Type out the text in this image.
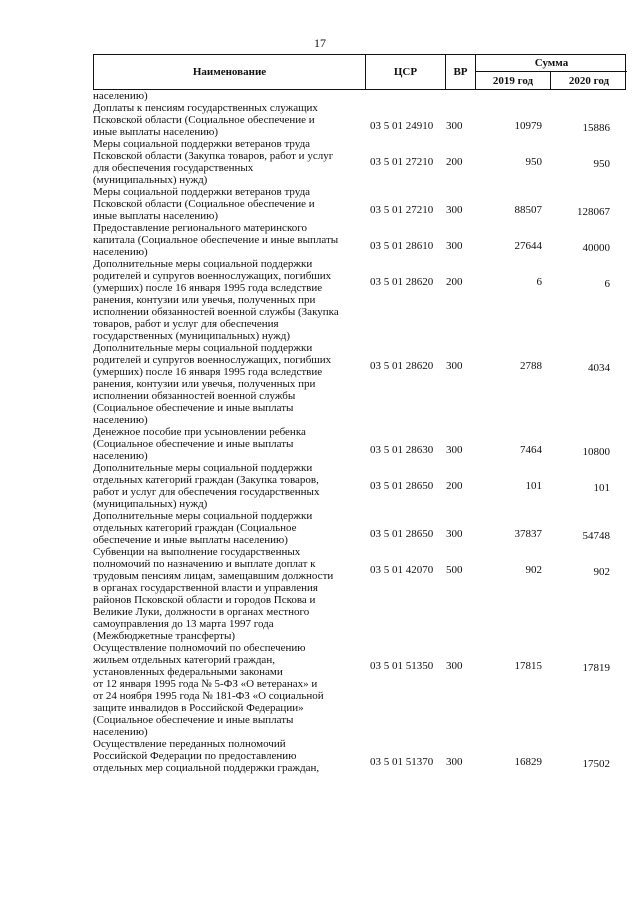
17
Наименование	ЦСР	ВР
Сумма
2019 год	2020 год
населению)
Доплаты к пенсиям государственных служащих
Псковской области (Социальное обеспечение и
иные выплаты населению)	03 5 01 24910 300	10979	15886
Меры социальной поддержки ветеранов труда
Псковской области (Закупка товаров, работ и услуг
для обеспечения государственных
(муниципальных) нужд)
03 5 01 27210 200	950	950
Меры социальной поддержки ветеранов труда
Псковской области (Социальное обеспечение и
иные выплаты населению)	03 5 01 27210 300	88507	128067
Предоставление регионального материнского
капитала (Социальное обеспечение и иные выплаты
населению)	03 5 01 28610 300	27644	40000
Дополнительные меры социальной поддержки
родителей и супругов военнослужащих, погибших
(умерших) после 16 января 1995 года вследствие
ранения, контузии или увечья, полученных при
исполнении обязанностей военной службы (Закупка
товаров, работ и услуг для обеспечения
государственных (муниципальных) нужд)
03 5 01 28620 200	6	6
Дополнительные меры социальной поддержки
родителей и супругов военнослужащих, погибших
(умерших) после 16 января 1995 года вследствие
ранения, контузии или увечья, полученных при
исполнении обязанностей военной службы
(Социальное обеспечение и иные выплаты
населению)
03 5 01 28620 300	2788	4034
Денежное пособие при усыновлении ребенка
(Социальное обеспечение и иные выплаты
населению)	03 5 01 28630 300	7464	10800
Дополнительные меры социальной поддержки
отдельных категорий граждан (Закупка товаров,
работ и услуг для обеспечения государственных
(муниципальных) нужд)
03 5 01 28650 200	101	101
Дополнительные меры социальной поддержки
отдельных категорий граждан (Социальное
обеспечение и иные выплаты населению)	03 5 01 28650 300	37837	54748
Субвенции на выполнение государственных
полномочий по назначению и выплате доплат к
трудовым пенсиям лицам, замещавшим должности
в органах государственной власти и управления
районов Псковской области и городов Пскова и
Великие Луки, должности в органах местного
самоуправления до 13 марта 1997 года
(Межбюджетные трансферты)
03 5 01 42070 500	902	902
Осуществление полномочий по обеспечению
жильем отдельных категорий граждан,
установленных федеральными законами
от 12 января 1995 года № 5-ФЗ «О ветеранах» и
от 24 ноября 1995 года № 181-ФЗ «О социальной
защите инвалидов в Российской Федерации»
(Социальное обеспечение и иные выплаты
населению)
03 5 01 51350 300	17815	17819
Осуществление переданных полномочий
Российской Федерации по предоставлению
отдельных мер социальной поддержки граждан,	03 5 01 51370 300	16829	17502
